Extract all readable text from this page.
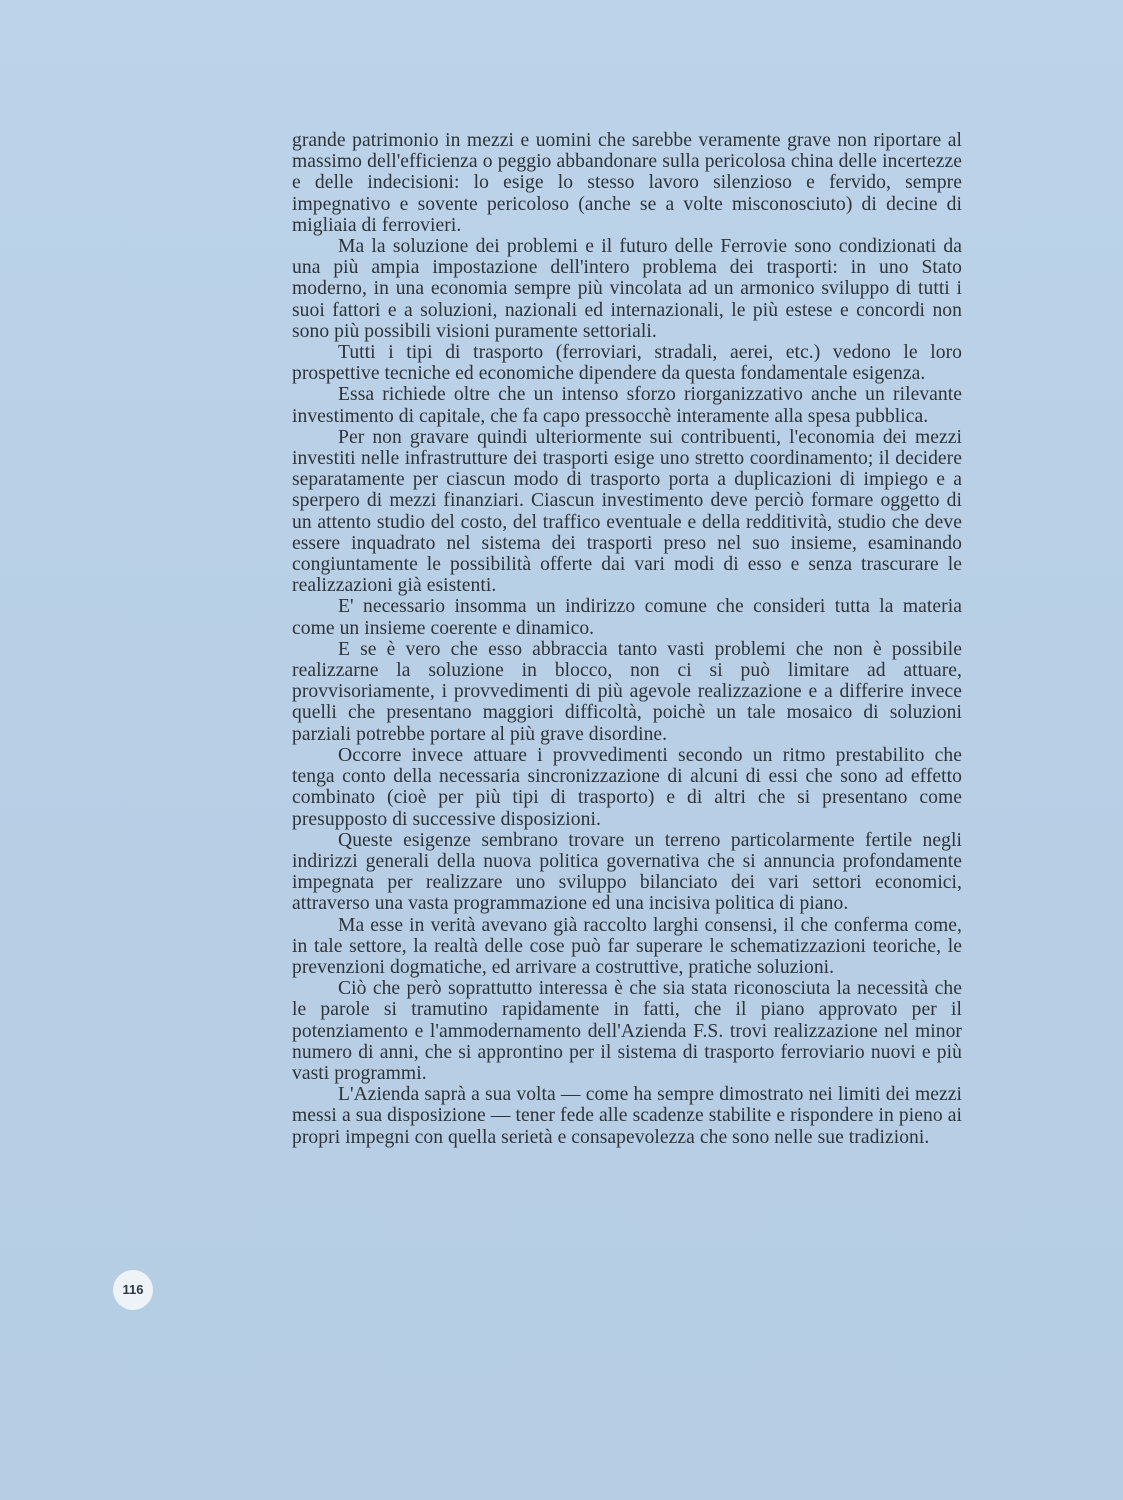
grande patrimonio in mezzi e uomini che sarebbe veramente grave non riportare al massimo dell'efficienza o peggio abbandonare sulla pericolosa china delle incertezze e delle indecisioni: lo esige lo stesso lavoro silenzioso e fervido, sempre impegnativo e sovente pericoloso (anche se a volte misconosciuto) di decine di migliaia di ferrovieri.

Ma la soluzione dei problemi e il futuro delle Ferrovie sono condizionati da una più ampia impostazione dell'intero problema dei trasporti: in uno Stato moderno, in una economia sempre più vincolata ad un armonico sviluppo di tutti i suoi fattori e a soluzioni, nazionali ed internazionali, le più estese e concordi non sono più possibili visioni puramente settoriali.

Tutti i tipi di trasporto (ferroviari, stradali, aerei, etc.) vedono le loro prospettive tecniche ed economiche dipendere da questa fondamentale esigenza.

Essa richiede oltre che un intenso sforzo riorganizzativo anche un rilevante investimento di capitale, che fa capo pressocchè interamente alla spesa pubblica.

Per non gravare quindi ulteriormente sui contribuenti, l'economia dei mezzi investiti nelle infrastrutture dei trasporti esige uno stretto coordinamento; il decidere separatamente per ciascun modo di trasporto porta a duplicazioni di impiego e a sperpero di mezzi finanziari. Ciascun investimento deve perciò formare oggetto di un attento studio del costo, del traffico eventuale e della redditività, studio che deve essere inquadrato nel sistema dei trasporti preso nel suo insieme, esaminando congiuntamente le possibilità offerte dai vari modi di esso e senza trascurare le realizzazioni già esistenti.

E' necessario insomma un indirizzo comune che consideri tutta la materia come un insieme coerente e dinamico.

E se è vero che esso abbraccia tanto vasti problemi che non è possibile realizzarne la soluzione in blocco, non ci si può limitare ad attuare, provvisoriamente, i provvedimenti di più agevole realizzazione e a differire invece quelli che presentano maggiori difficoltà, poichè un tale mosaico di soluzioni parziali potrebbe portare al più grave disordine.

Occorre invece attuare i provvedimenti secondo un ritmo prestabilito che tenga conto della necessaria sincronizzazione di alcuni di essi che sono ad effetto combinato (cioè per più tipi di trasporto) e di altri che si presentano come presupposto di successive disposizioni.

Queste esigenze sembrano trovare un terreno particolarmente fertile negli indirizzi generali della nuova politica governativa che si annuncia profondamente impegnata per realizzare uno sviluppo bilanciato dei vari settori economici, attraverso una vasta programmazione ed una incisiva politica di piano.

Ma esse in verità avevano già raccolto larghi consensi, il che conferma come, in tale settore, la realtà delle cose può far superare le schematizzazioni teoriche, le prevenzioni dogmatiche, ed arrivare a costruttive, pratiche soluzioni.

Ciò che però soprattutto interessa è che sia stata riconosciuta la necessità che le parole si tramutino rapidamente in fatti, che il piano approvato per il potenziamento e l'ammodernamento dell'Azienda F.S. trovi realizzazione nel minor numero di anni, che si approntino per il sistema di trasporto ferroviario nuovi e più vasti programmi.

L'Azienda saprà a sua volta — come ha sempre dimostrato nei limiti dei mezzi messi a sua disposizione — tener fede alle scadenze stabilite e rispondere in pieno ai propri impegni con quella serietà e consapevolezza che sono nelle sue tradizioni.

116
